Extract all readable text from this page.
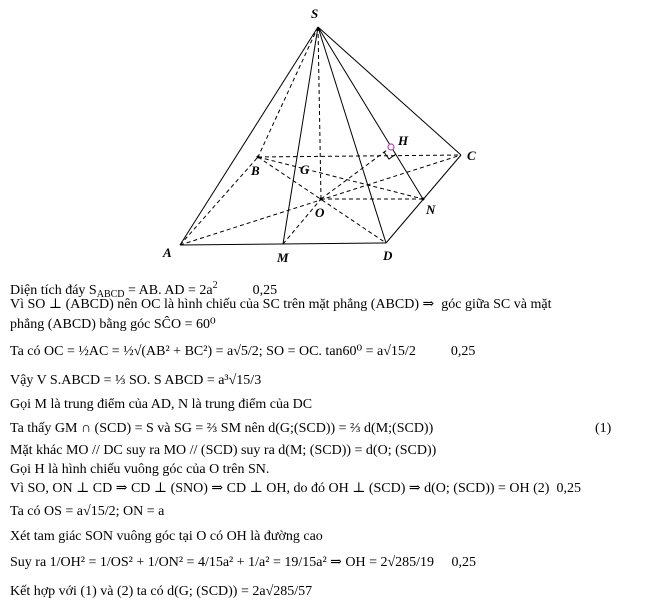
S
H
C
B	G
O	N
A	M	D
Diện tích đáy $S_{ABCD}$ = AB. AD = $2a^2$          0,25
Vì SO ⊥ (ABCD) nên OC là hình chiếu của SC trên mặt phẳng (ABCD) ⇒  góc giữa SC và mặt
phẳng (ABCD) bằng góc SĈO = 60⁰
Ta có OC = ½AC = ½√(AB² + BC²) = a√5/2; SO = OC. tan60⁰ = a√15/2          0,25
Vậy V S.ABCD = ⅓ SO. S ABCD = a³√15/3
Gọi M là trung điểm của AD, N là trung điểm của DC
Ta thấy GM ∩ (SCD) = S và SG = ⅔ SM nên d(G;(SCD)) = ⅔ d(M;(SCD))	(1)
Mặt khác MO // DC suy ra MO // (SCD) suy ra d(M; (SCD)) = d(O; (SCD))
Gọi H là hình chiếu vuông góc của O trên SN.
Vì SO, ON ⊥ CD ⇒ CD ⊥ (SNO) ⇒ CD ⊥ OH, do đó OH ⊥ (SCD) ⇒ d(O; (SCD)) = OH (2)  0,25
Ta có OS = a√15/2; ON = a
Xét tam giác SON vuông góc tại O có OH là đường cao
Suy ra 1/OH² = 1/OS² + 1/ON² = 4/15a² + 1/a² = 19/15a² ⇒ OH = 2√285/19     0,25
Kết hợp với (1) và (2) ta có d(G; (SCD)) = 2a√285/57
